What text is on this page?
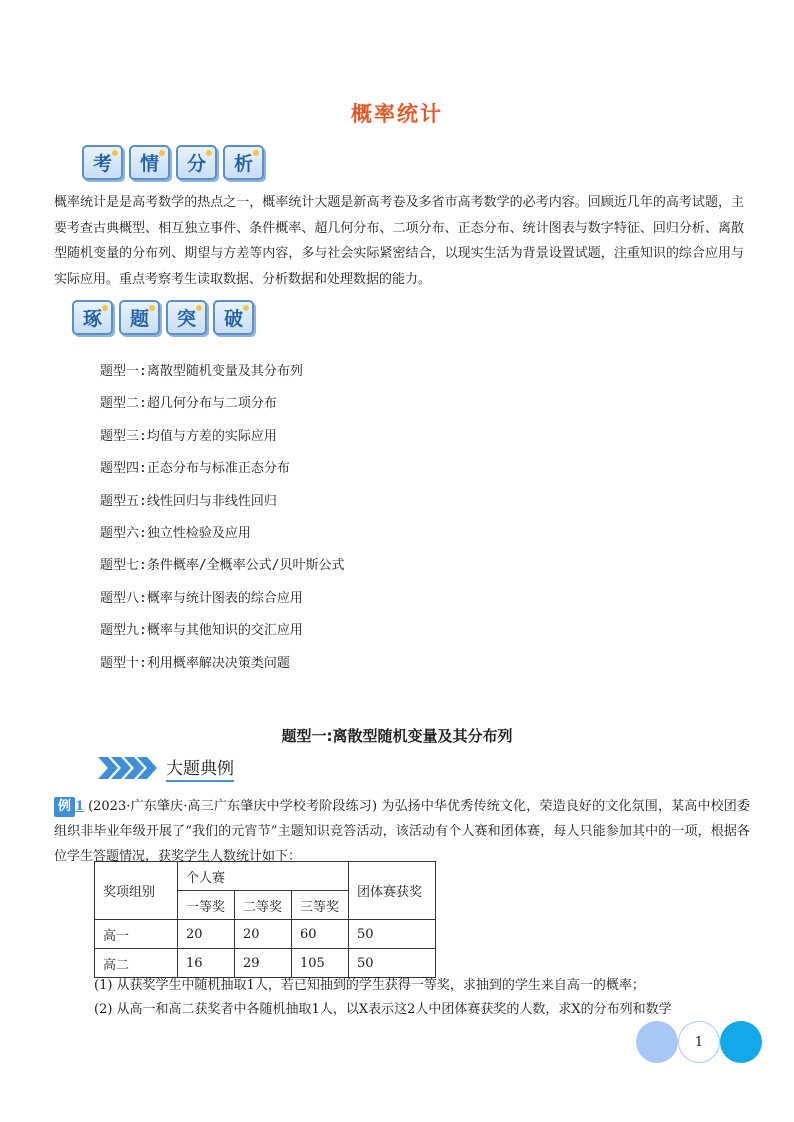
概率统计
考 情 分 析
概率统计是是高考数学的热点之一，概率统计大题是新高考卷及多省市高考数学的必考内容。回顾近几年的高考试题，主要考查古典概型、相互独立事件、条件概率、超几何分布、二项分布、正态分布、统计图表与数字特征、回归分析、离散型随机变量的分布列、期望与方差等内容，多与社会实际紧密结合，以现实生活为背景设置试题，注重知识的综合应用与实际应用。重点考察考生读取数据、分析数据和处理数据的能力。
琢 题 突 破
题型一:离散型随机变量及其分布列
题型二:超几何分布与二项分布
题型三:均值与方差的实际应用
题型四:正态分布与标准正态分布
题型五:线性回归与非线性回归
题型六:独立性检验及应用
题型七:条件概率/全概率公式/贝叶斯公式
题型八:概率与统计图表的综合应用
题型九:概率与其他知识的交汇应用
题型十:利用概率解决决策类问题
题型一:离散型随机变量及其分布列
大题典例
例 1 (2023·广东肇庆·高三广东肇庆中学校考阶段练习) 为弘扬中华优秀传统文化，荣造良好的文化氛围，某高中校团委组织非毕业年级开展了“我们的元宵节”主题知识竞答活动，该活动有个人赛和团体赛，每人只能参加其中的一项，根据各位学生答题情况，获奖学生人数统计如下：
奖项组别	个人赛			团体赛获奖
	一等奖	二等奖	三等奖	
高一	20	20	60	50
高二	16	29	105	50
(1) 从获奖学生中随机抽取1人，若已知抽到的学生获得一等奖，求抽到的学生来自高一的概率；
(2) 从高一和高二获奖者中各随机抽取1人，以X表示这2人中团体赛获奖的人数，求X的分布列和数学
1
